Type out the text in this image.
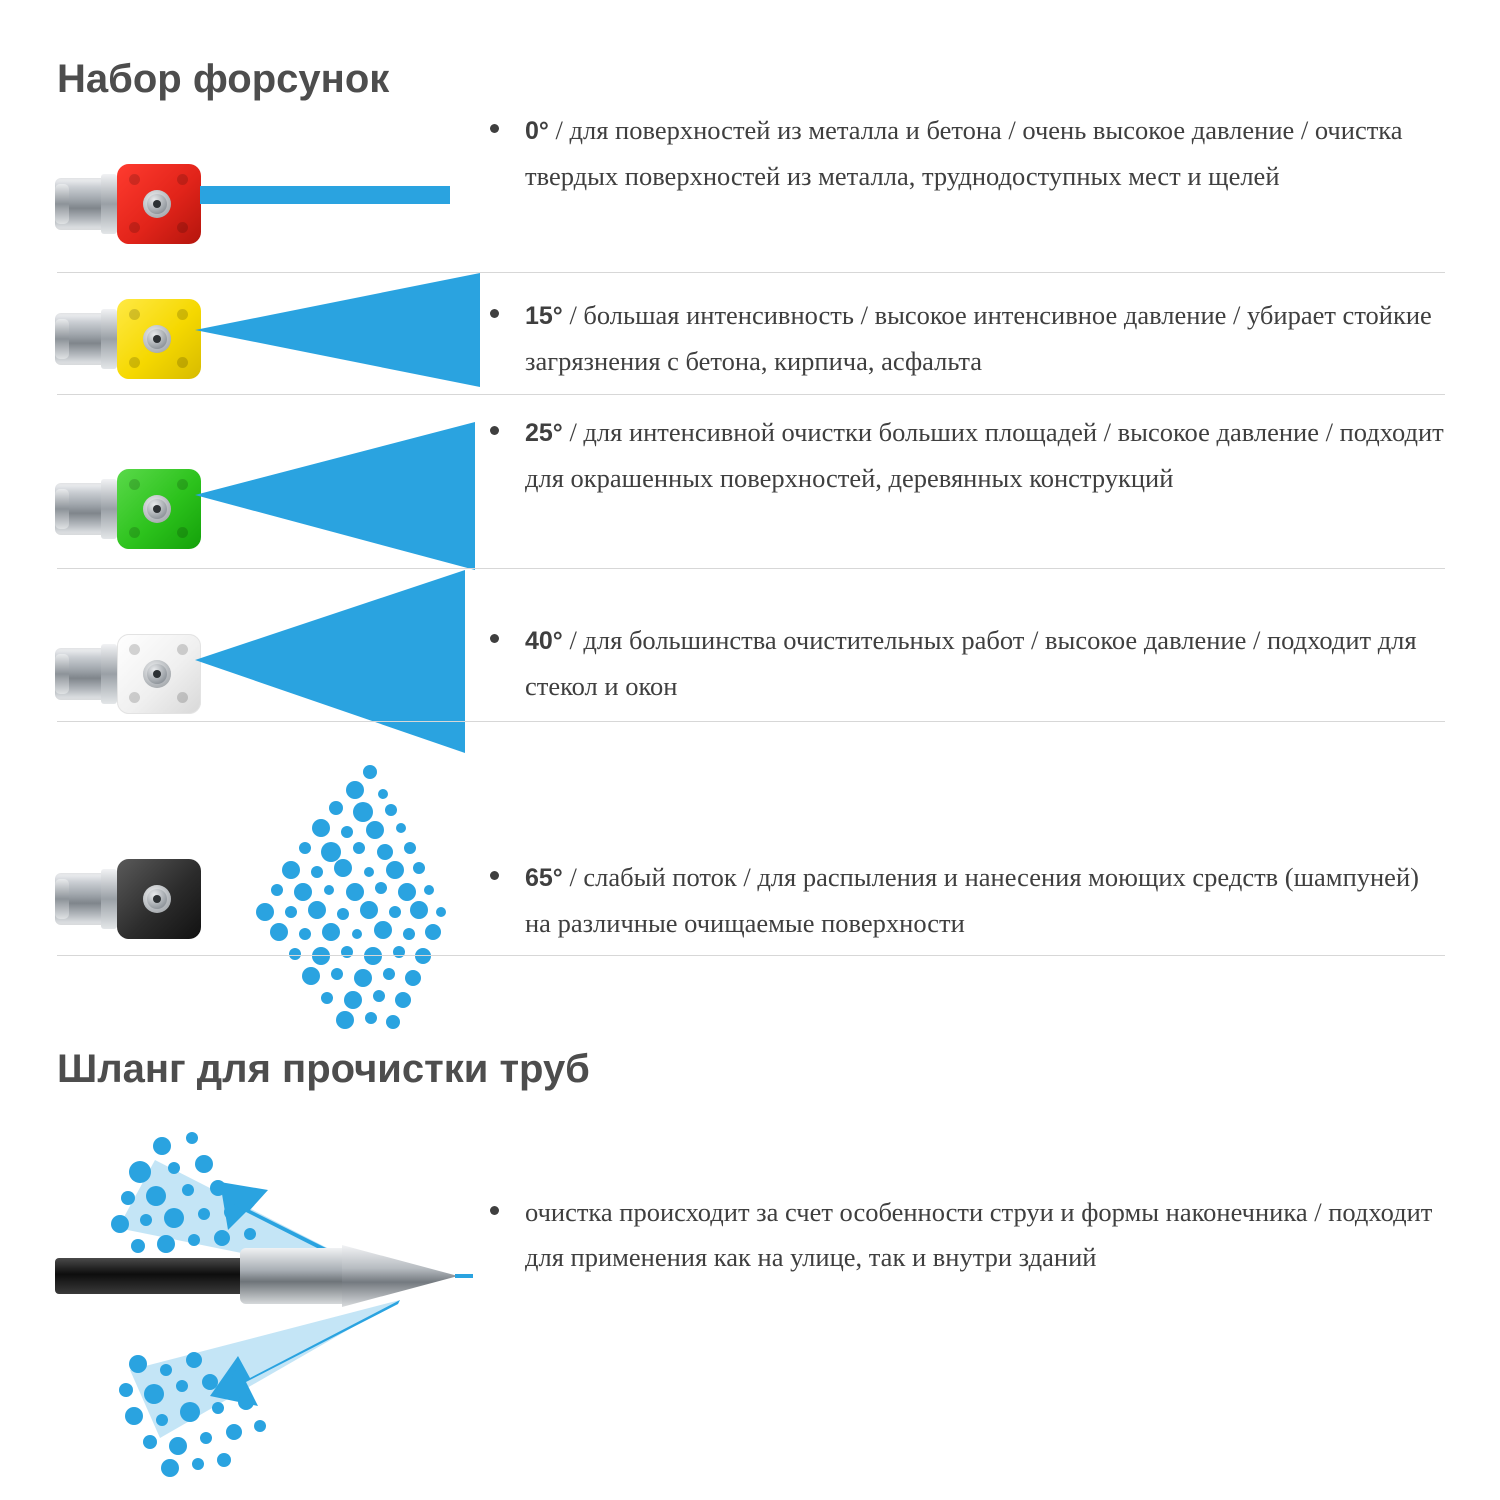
Набор форсунок
Шланг для прочистки труб
0° / для поверхностей из металла и бетона / очень высокое давление / очистка твердых поверхностей из металла, труднодоступных мест и щелей
15° / большая интенсивность / высокое интенсивное давление / убирает стойкие загрязнения с бетона, кирпича, асфальта
25° / для интенсивной очистки больших площадей / высокое давление / подходит для окрашенных поверхностей, деревянных конструкций
40° / для большинства очистительных работ / высокое давление / подходит для стекол и окон
65° / слабый поток / для распыления и нанесения моющих средств (шампуней) на различные очищаемые поверхности
очистка происходит за счет особенности струи и формы наконечника / подходит для применения как на улице, так и внутри зданий
